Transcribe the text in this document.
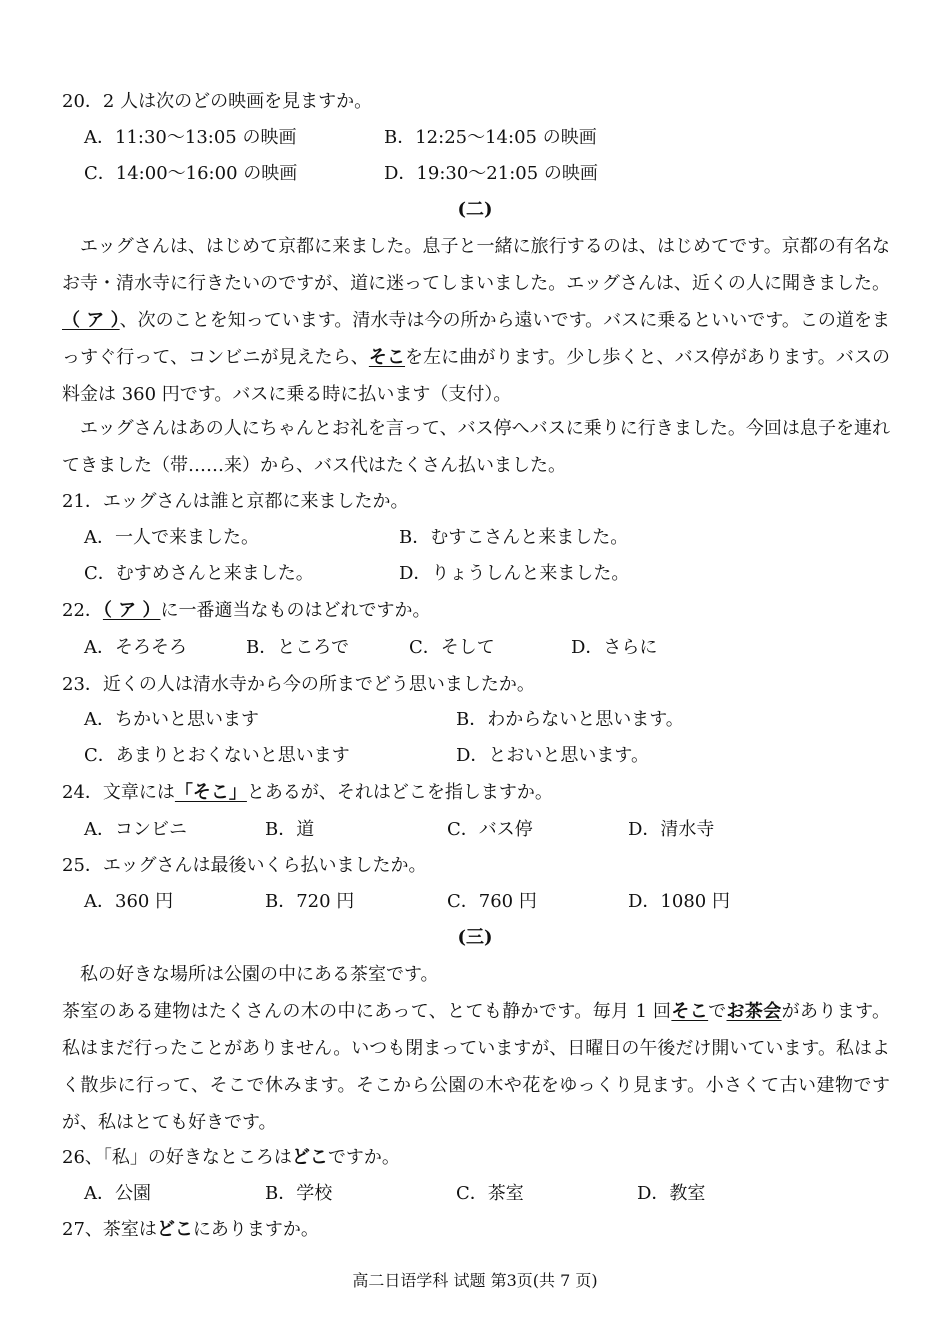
20．2 人は次のどの映画を見ますか。
A．11:30～13:05 の映画	B．12:25～14:05 の映画
C．14:00～16:00 の映画	D．19:30～21:05 の映画
(二)
エッグさんは、はじめて京都に来ました。息子と一緒に旅行するのは、はじめてです。京都の有名なお寺・清水寺に行きたいのですが、道に迷ってしまいました。エッグさんは、近くの人に聞きました。（ ア ）、次のことを知っています。清水寺は今の所から遠いです。バスに乗るといいです。この道をまっすぐ行って、コンビニが見えたら、そこを左に曲がります。少し歩くと、バス停があります。バスの料金は 360 円です。バスに乗る時に払います（支付）。
エッグさんはあの人にちゃんとお礼を言って、バス停へバスに乗りに行きました。今回は息子を連れてきました（带……来）から、バス代はたくさん払いました。
21．エッグさんは誰と京都に来ましたか。
A．一人で来ました。	B．むすこさんと来ました。
C．むすめさんと来ました。	D．りょうしんと来ました。
22．（ ア ）に一番適当なものはどれですか。
A．そろそろ	B．ところで	C．そして	D．さらに
23．近くの人は清水寺から今の所までどう思いましたか。
A．ちかいと思います	B．わからないと思います。
C．あまりとおくないと思います	D．とおいと思います。
24．文章には「そこ」とあるが、それはどこを指しますか。
A．コンビニ	B．道	C．バス停	D．清水寺
25．エッグさんは最後いくら払いましたか。
A．360 円	B．720 円	C．760 円	D．1080 円
(三)
私の好きな場所は公園の中にある茶室です。
茶室のある建物はたくさんの木の中にあって、とても静かです。毎月 1 回そこでお茶会があります。私はまだ行ったことがありません。いつも閉まっていますが、日曜日の午後だけ開いています。私はよく散歩に行って、そこで休みます。そこから公園の木や花をゆっくり見ます。小さくて古い建物ですが、私はとても好きです。
26、「私」の好きなところはどこですか。
A．公園	B．学校	C．茶室	D．教室
27、茶室はどこにありますか。
高二日语学科 试题 第3页(共 7 页)
